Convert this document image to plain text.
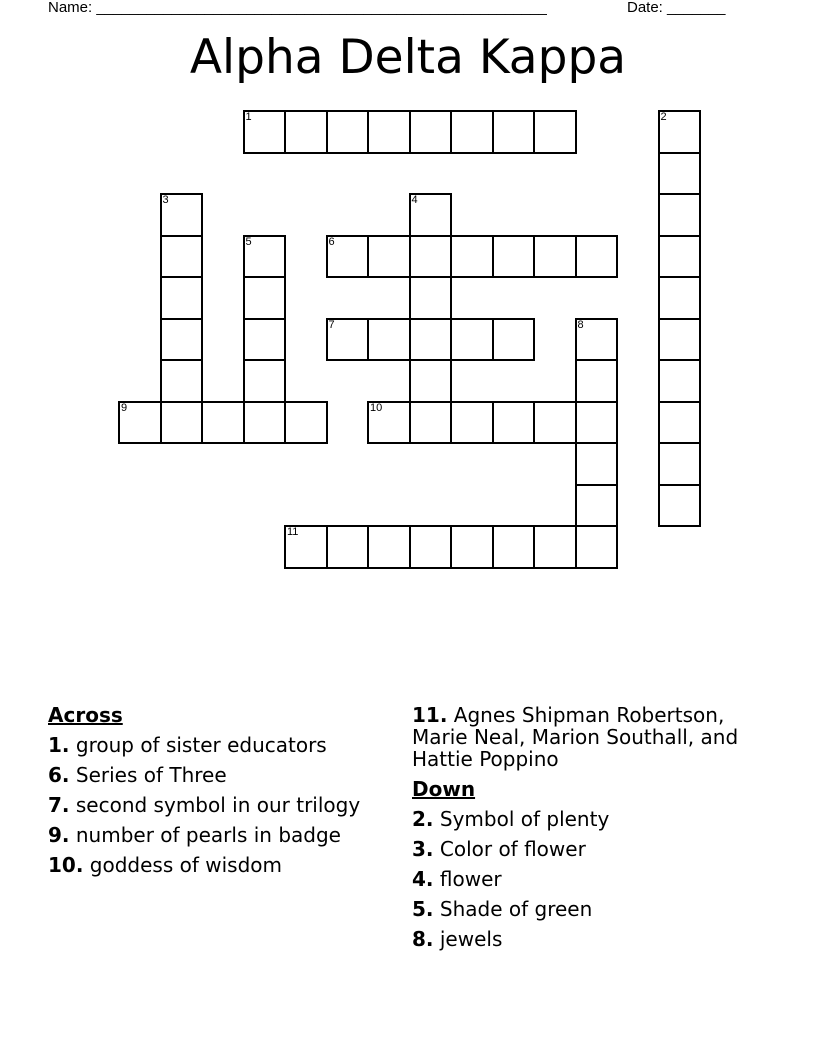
Name: ______________________________________________________	Date: _______
Alpha Delta Kappa
1	2
3	4
5	6
7	8
9	10
11
Across
1. group of sister educators
6. Series of Three
7. second symbol in our trilogy
9. number of pearls in badge
10. goddess of wisdom
11. Agnes Shipman Robertson, Marie Neal, Marion Southall, and Hattie Poppino
Down
2. Symbol of plenty
3. Color of flower
4. flower
5. Shade of green
8. jewels
